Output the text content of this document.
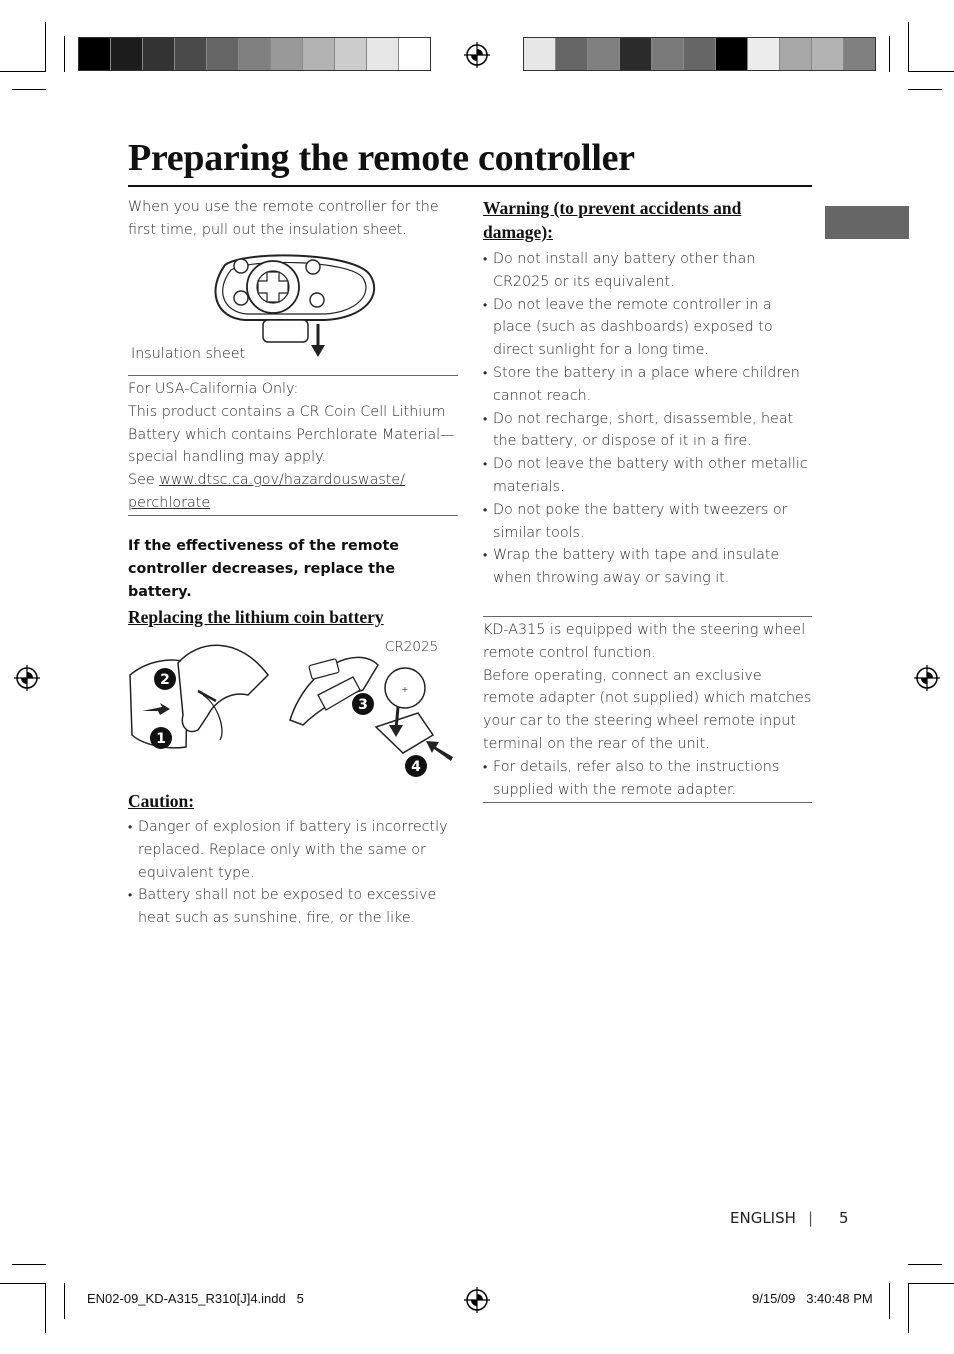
Preparing the remote controller
When you use the remote controller for the first time, pull out the insulation sheet.
Insulation sheet
For USA-California Only:
This product contains a CR Coin Cell Lithium Battery which contains Perchlorate Material—special handling may apply.
See www.dtsc.ca.gov/hazardouswaste/perchlorate
If the effectiveness of the remote controller decreases, replace the battery.
Replacing the lithium coin battery
+
CR2025
1
2
3
4
Caution:
• Danger of explosion if battery is incorrectly replaced. Replace only with the same or equivalent type.
• Battery shall not be exposed to excessive heat such as sunshine, fire, or the like.
Warning (to prevent accidents and damage):
• Do not install any battery other than CR2025 or its equivalent.
• Do not leave the remote controller in a place (such as dashboards) exposed to direct sunlight for a long time.
• Store the battery in a place where children cannot reach.
• Do not recharge, short, disassemble, heat the battery, or dispose of it in a fire.
• Do not leave the battery with other metallic materials.
• Do not poke the battery with tweezers or similar tools.
• Wrap the battery with tape and insulate when throwing away or saving it.
KD-A315 is equipped with the steering wheel remote control function.
Before operating, connect an exclusive remote adapter (not supplied) which matches your car to the steering wheel remote input terminal on the rear of the unit.
• For details, refer also to the instructions supplied with the remote adapter.
ENGLISH | 5
EN02-09_KD-A315_R310[J]4.indd   5	9/15/09   3:40:48 PM
